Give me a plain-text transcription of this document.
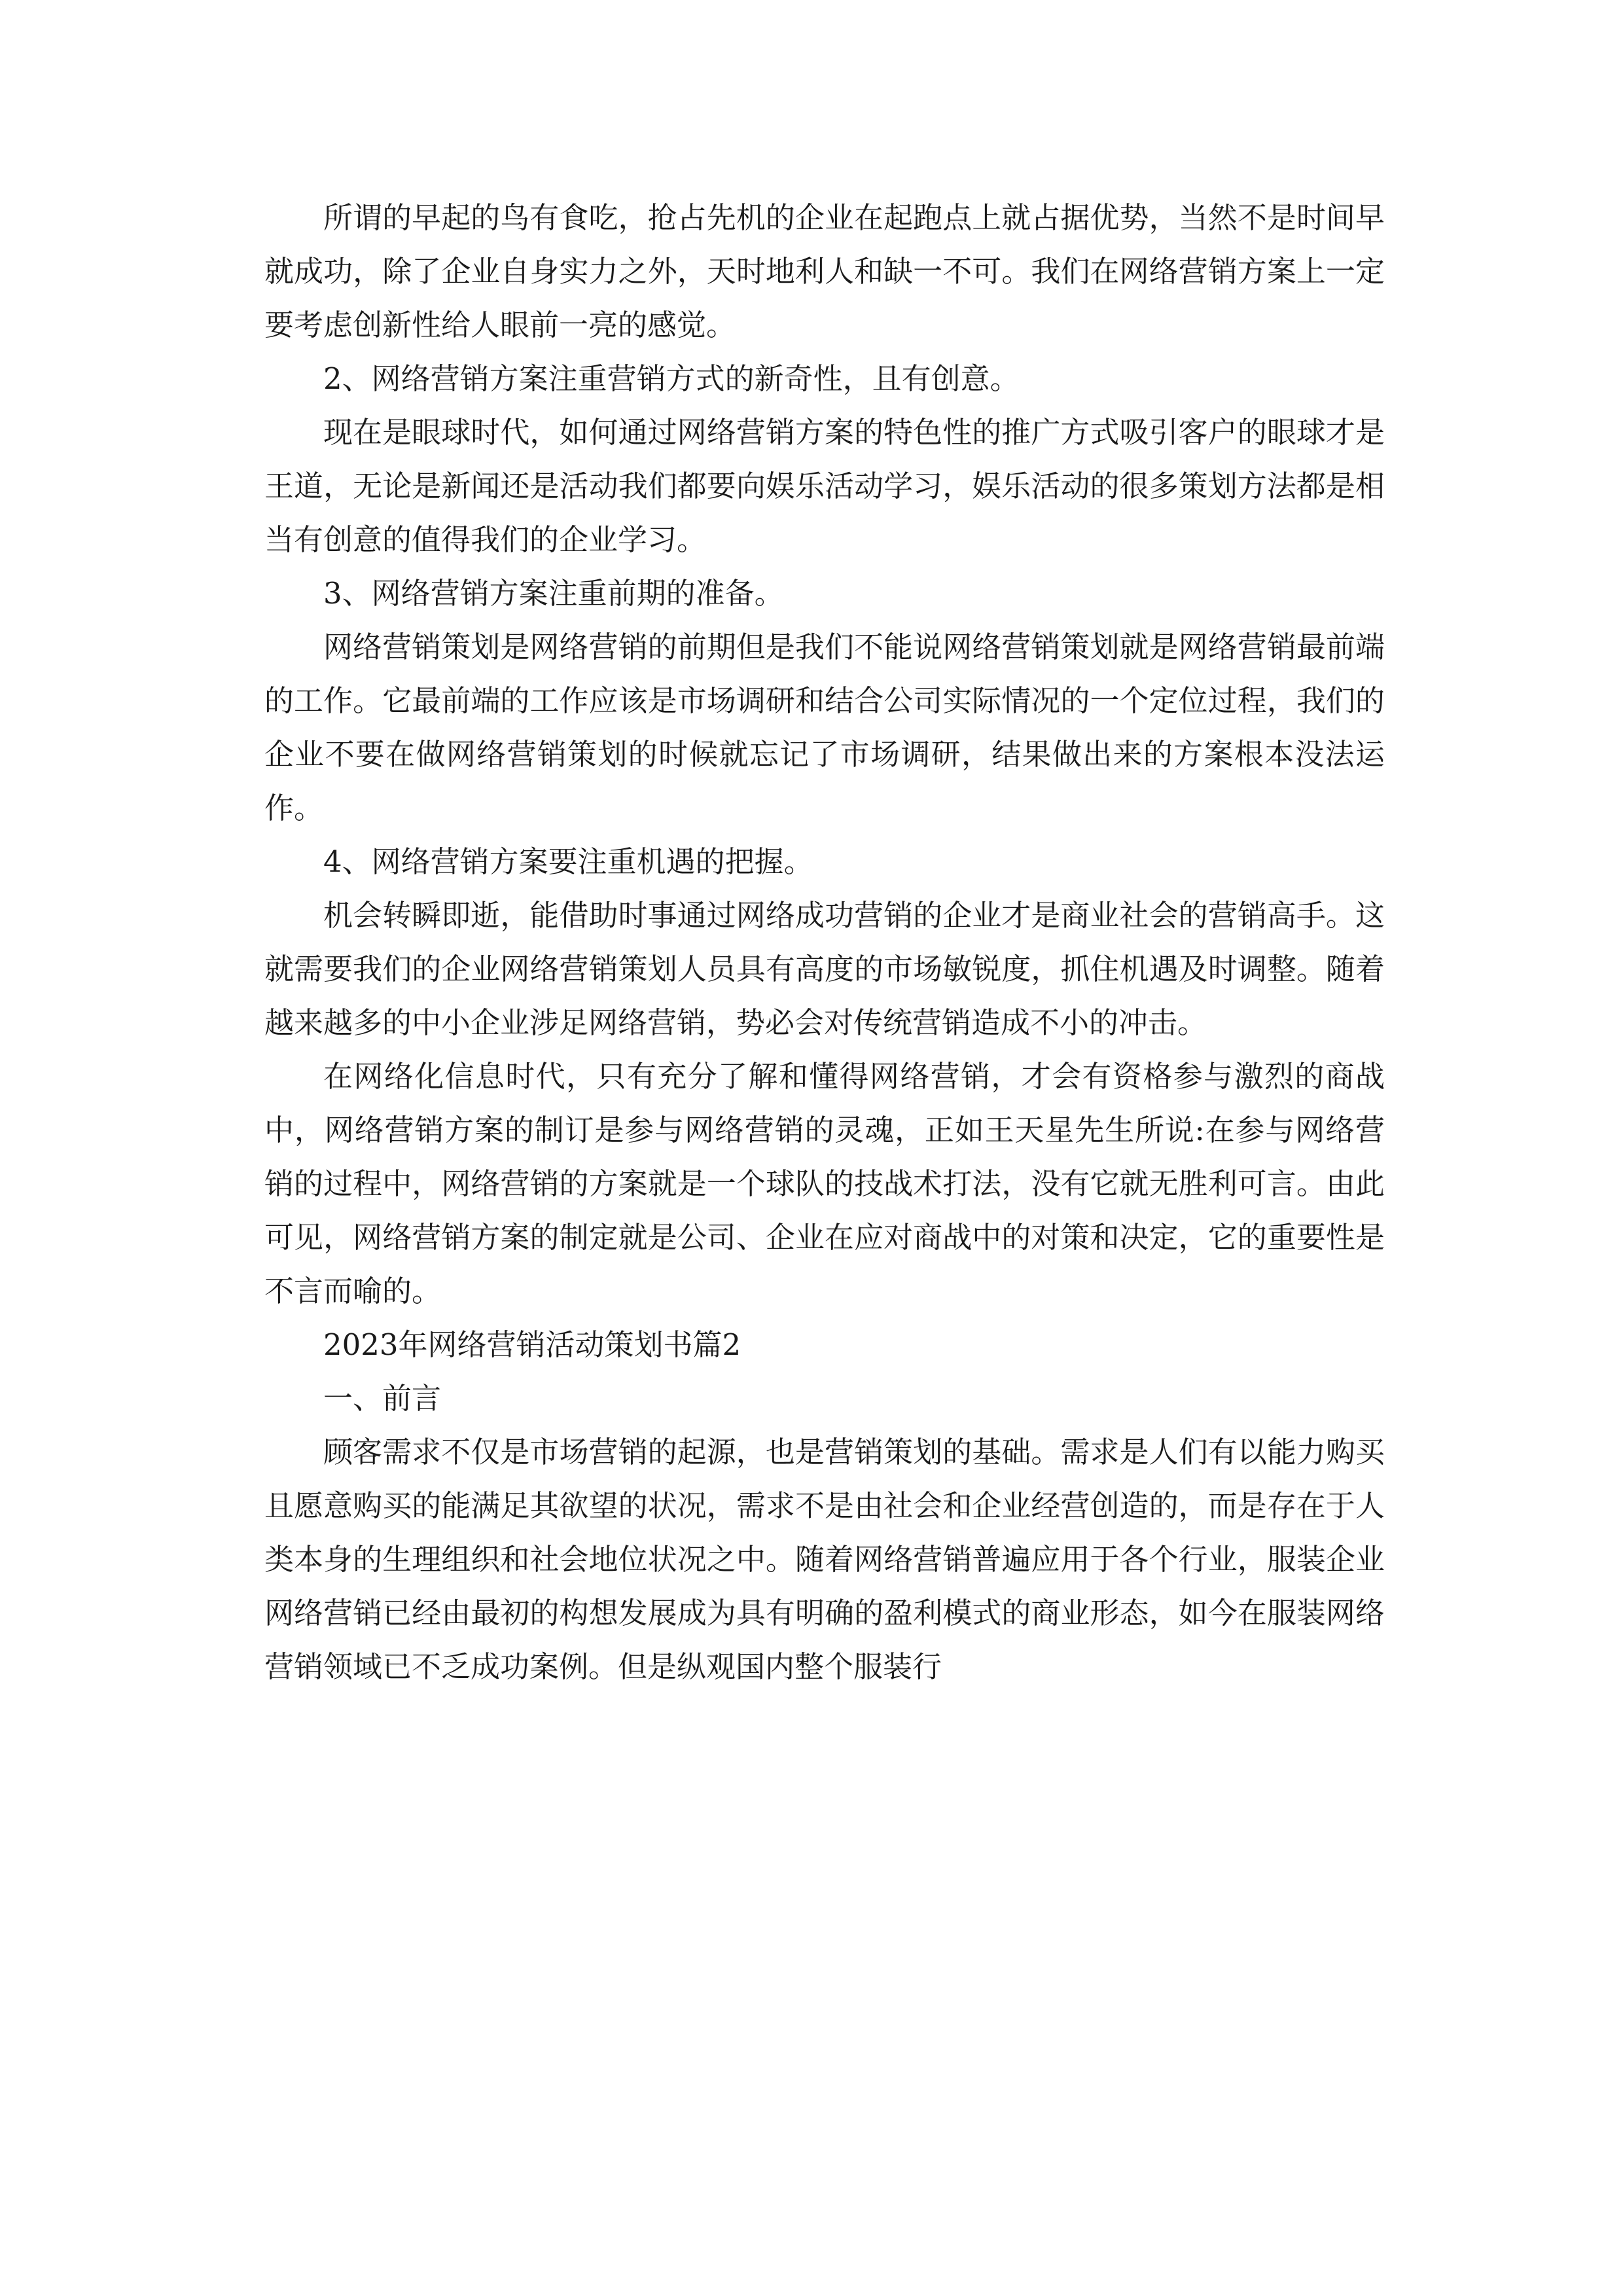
所谓的早起的鸟有食吃，抢占先机的企业在起跑点上就占据优势，当然不是时间早就成功，除了企业自身实力之外，天时地利人和缺一不可。我们在网络营销方案上一定要考虑创新性给人眼前一亮的感觉。

2、网络营销方案注重营销方式的新奇性，且有创意。

现在是眼球时代，如何通过网络营销方案的特色性的推广方式吸引客户的眼球才是王道，无论是新闻还是活动我们都要向娱乐活动学习，娱乐活动的很多策划方法都是相当有创意的值得我们的企业学习。

3、网络营销方案注重前期的准备。

网络营销策划是网络营销的前期但是我们不能说网络营销策划就是网络营销最前端的工作。它最前端的工作应该是市场调研和结合公司实际情况的一个定位过程，我们的企业不要在做网络营销策划的时候就忘记了市场调研，结果做出来的方案根本没法运作。

4、网络营销方案要注重机遇的把握。

机会转瞬即逝，能借助时事通过网络成功营销的企业才是商业社会的营销高手。这就需要我们的企业网络营销策划人员具有高度的市场敏锐度，抓住机遇及时调整。随着越来越多的中小企业涉足网络营销，势必会对传统营销造成不小的冲击。

在网络化信息时代，只有充分了解和懂得网络营销，才会有资格参与激烈的商战中，网络营销方案的制订是参与网络营销的灵魂，正如王天星先生所说:在参与网络营销的过程中，网络营销的方案就是一个球队的技战术打法，没有它就无胜利可言。由此可见，网络营销方案的制定就是公司、企业在应对商战中的对策和决定，它的重要性是不言而喻的。

2023年网络营销活动策划书篇2

一、前言

顾客需求不仅是市场营销的起源，也是营销策划的基础。需求是人们有以能力购买且愿意购买的能满足其欲望的状况，需求不是由社会和企业经营创造的，而是存在于人类本身的生理组织和社会地位状况之中。随着网络营销普遍应用于各个行业，服装企业网络营销已经由最初的构想发展成为具有明确的盈利模式的商业形态，如今在服装网络营销领域已不乏成功案例。但是纵观国内整个服装行
